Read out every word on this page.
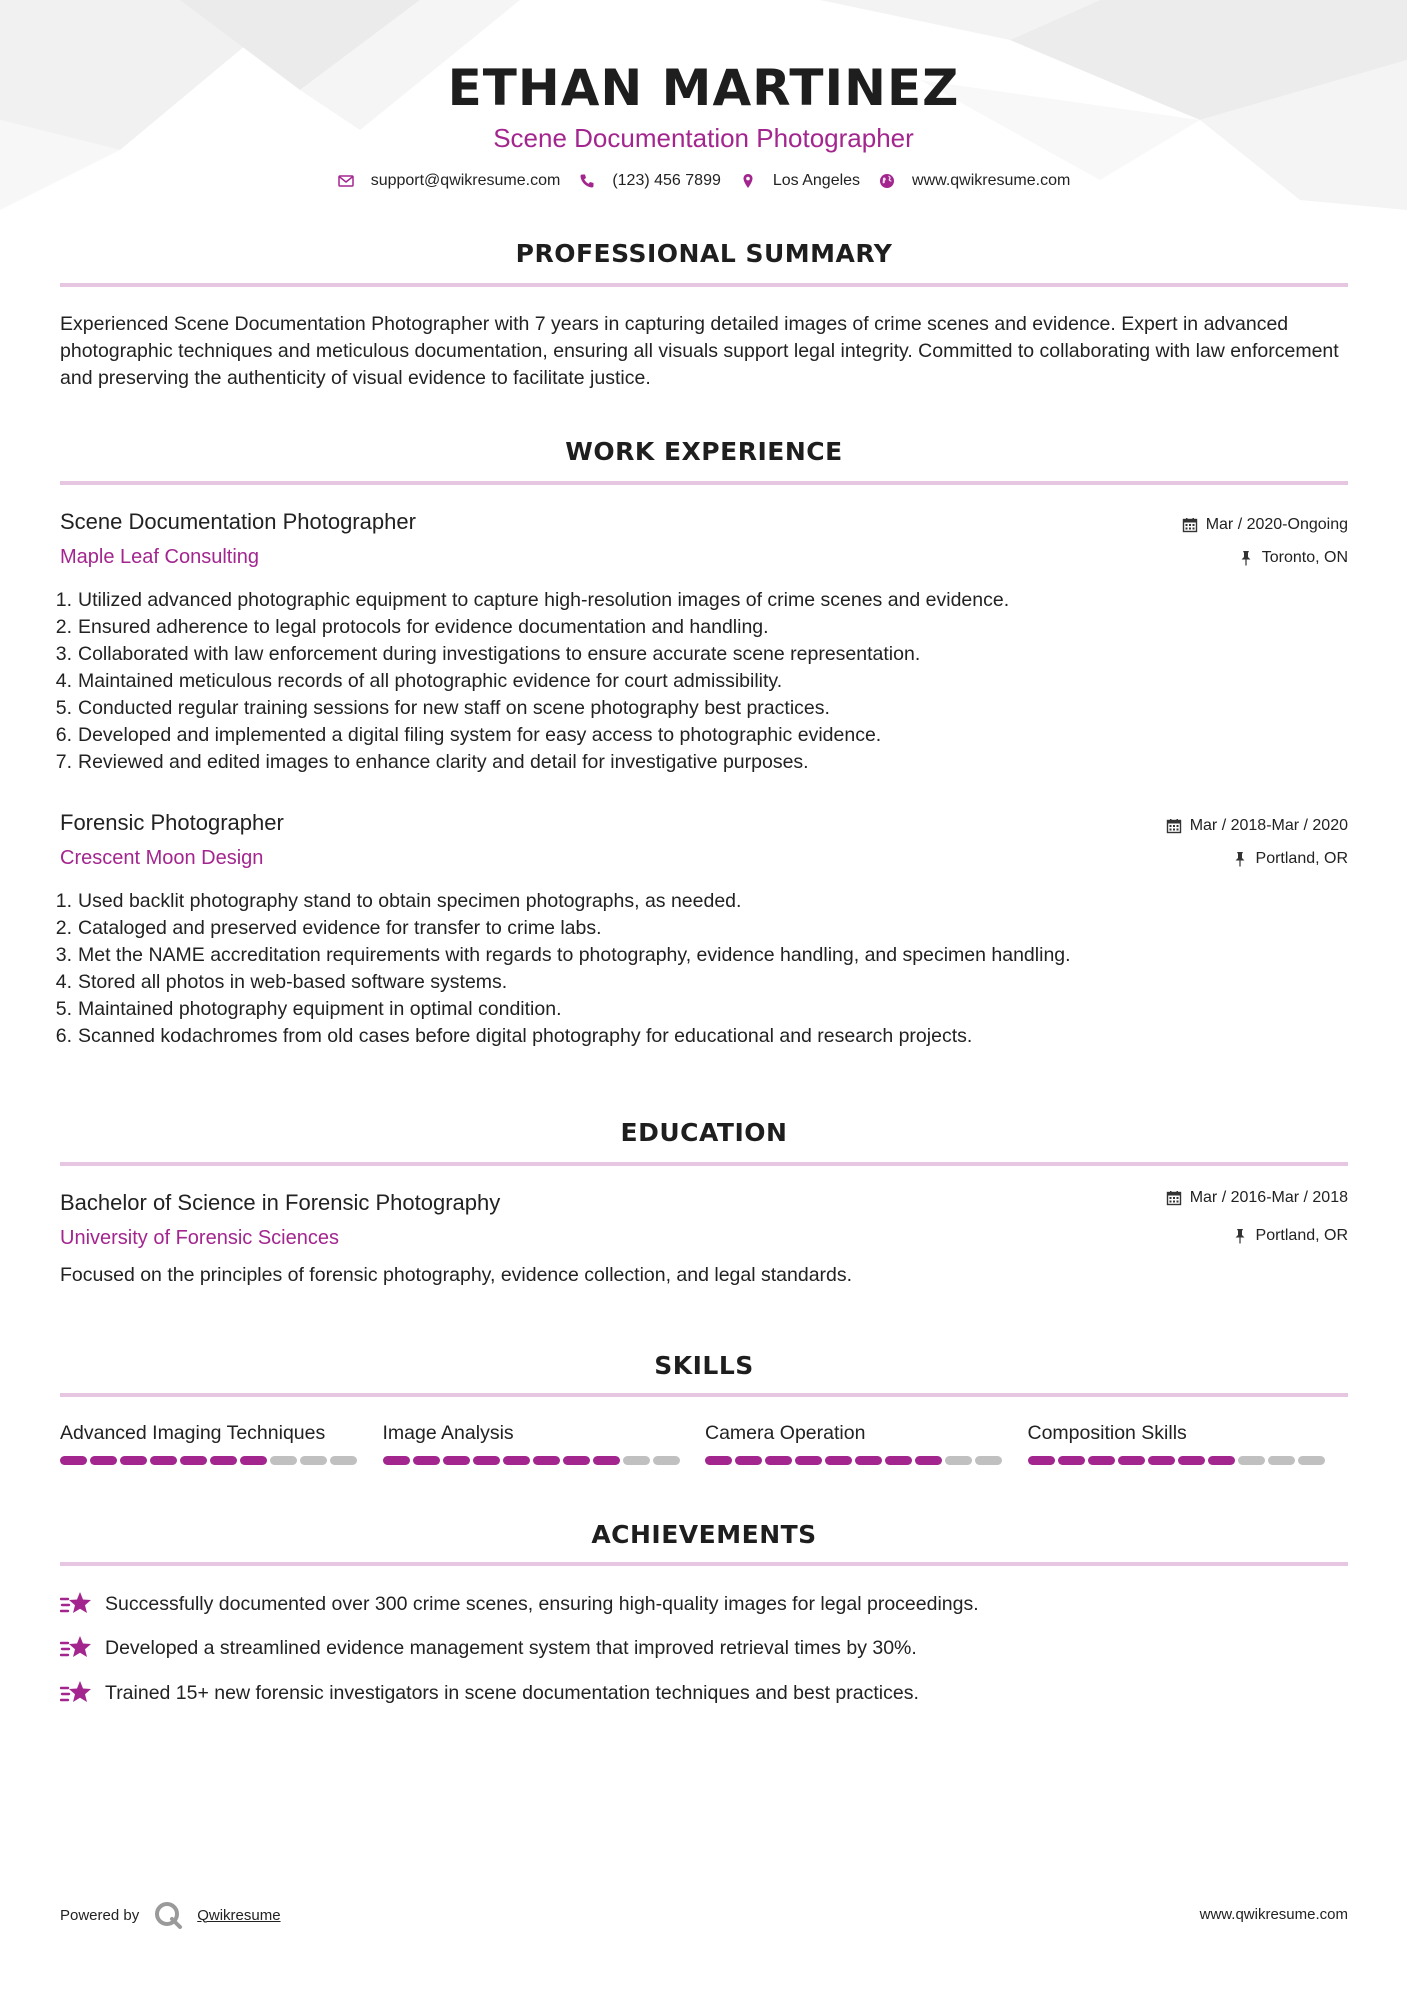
ETHAN MARTINEZ
Scene Documentation Photographer
support@qwikresume.com	(123) 456 7899	Los Angeles	www.qwikresume.com
PROFESSIONAL SUMMARY
Experienced Scene Documentation Photographer with 7 years in capturing detailed images of crime scenes and evidence. Expert in advanced photographic techniques and meticulous documentation, ensuring all visuals support legal integrity. Committed to collaborating with law enforcement and preserving the authenticity of visual evidence to facilitate justice.
WORK EXPERIENCE
Scene Documentation Photographer	Mar / 2020-Ongoing
Maple Leaf Consulting	Toronto, ON
1. Utilized advanced photographic equipment to capture high-resolution images of crime scenes and evidence.
2. Ensured adherence to legal protocols for evidence documentation and handling.
3. Collaborated with law enforcement during investigations to ensure accurate scene representation.
4. Maintained meticulous records of all photographic evidence for court admissibility.
5. Conducted regular training sessions for new staff on scene photography best practices.
6. Developed and implemented a digital filing system for easy access to photographic evidence.
7. Reviewed and edited images to enhance clarity and detail for investigative purposes.
Forensic Photographer	Mar / 2018-Mar / 2020
Crescent Moon Design	Portland, OR
1. Used backlit photography stand to obtain specimen photographs, as needed.
2. Cataloged and preserved evidence for transfer to crime labs.
3. Met the NAME accreditation requirements with regards to photography, evidence handling, and specimen handling.
4. Stored all photos in web-based software systems.
5. Maintained photography equipment in optimal condition.
6. Scanned kodachromes from old cases before digital photography for educational and research projects.
EDUCATION
Bachelor of Science in Forensic Photography	Mar / 2016-Mar / 2018
University of Forensic Sciences	Portland, OR
Focused on the principles of forensic photography, evidence collection, and legal standards.
SKILLS
Advanced Imaging Techniques	Image Analysis	Camera Operation	Composition Skills
ACHIEVEMENTS
Successfully documented over 300 crime scenes, ensuring high-quality images for legal proceedings.
Developed a streamlined evidence management system that improved retrieval times by 30%.
Trained 15+ new forensic investigators in scene documentation techniques and best practices.
Powered by	Qwikresume	www.qwikresume.com
